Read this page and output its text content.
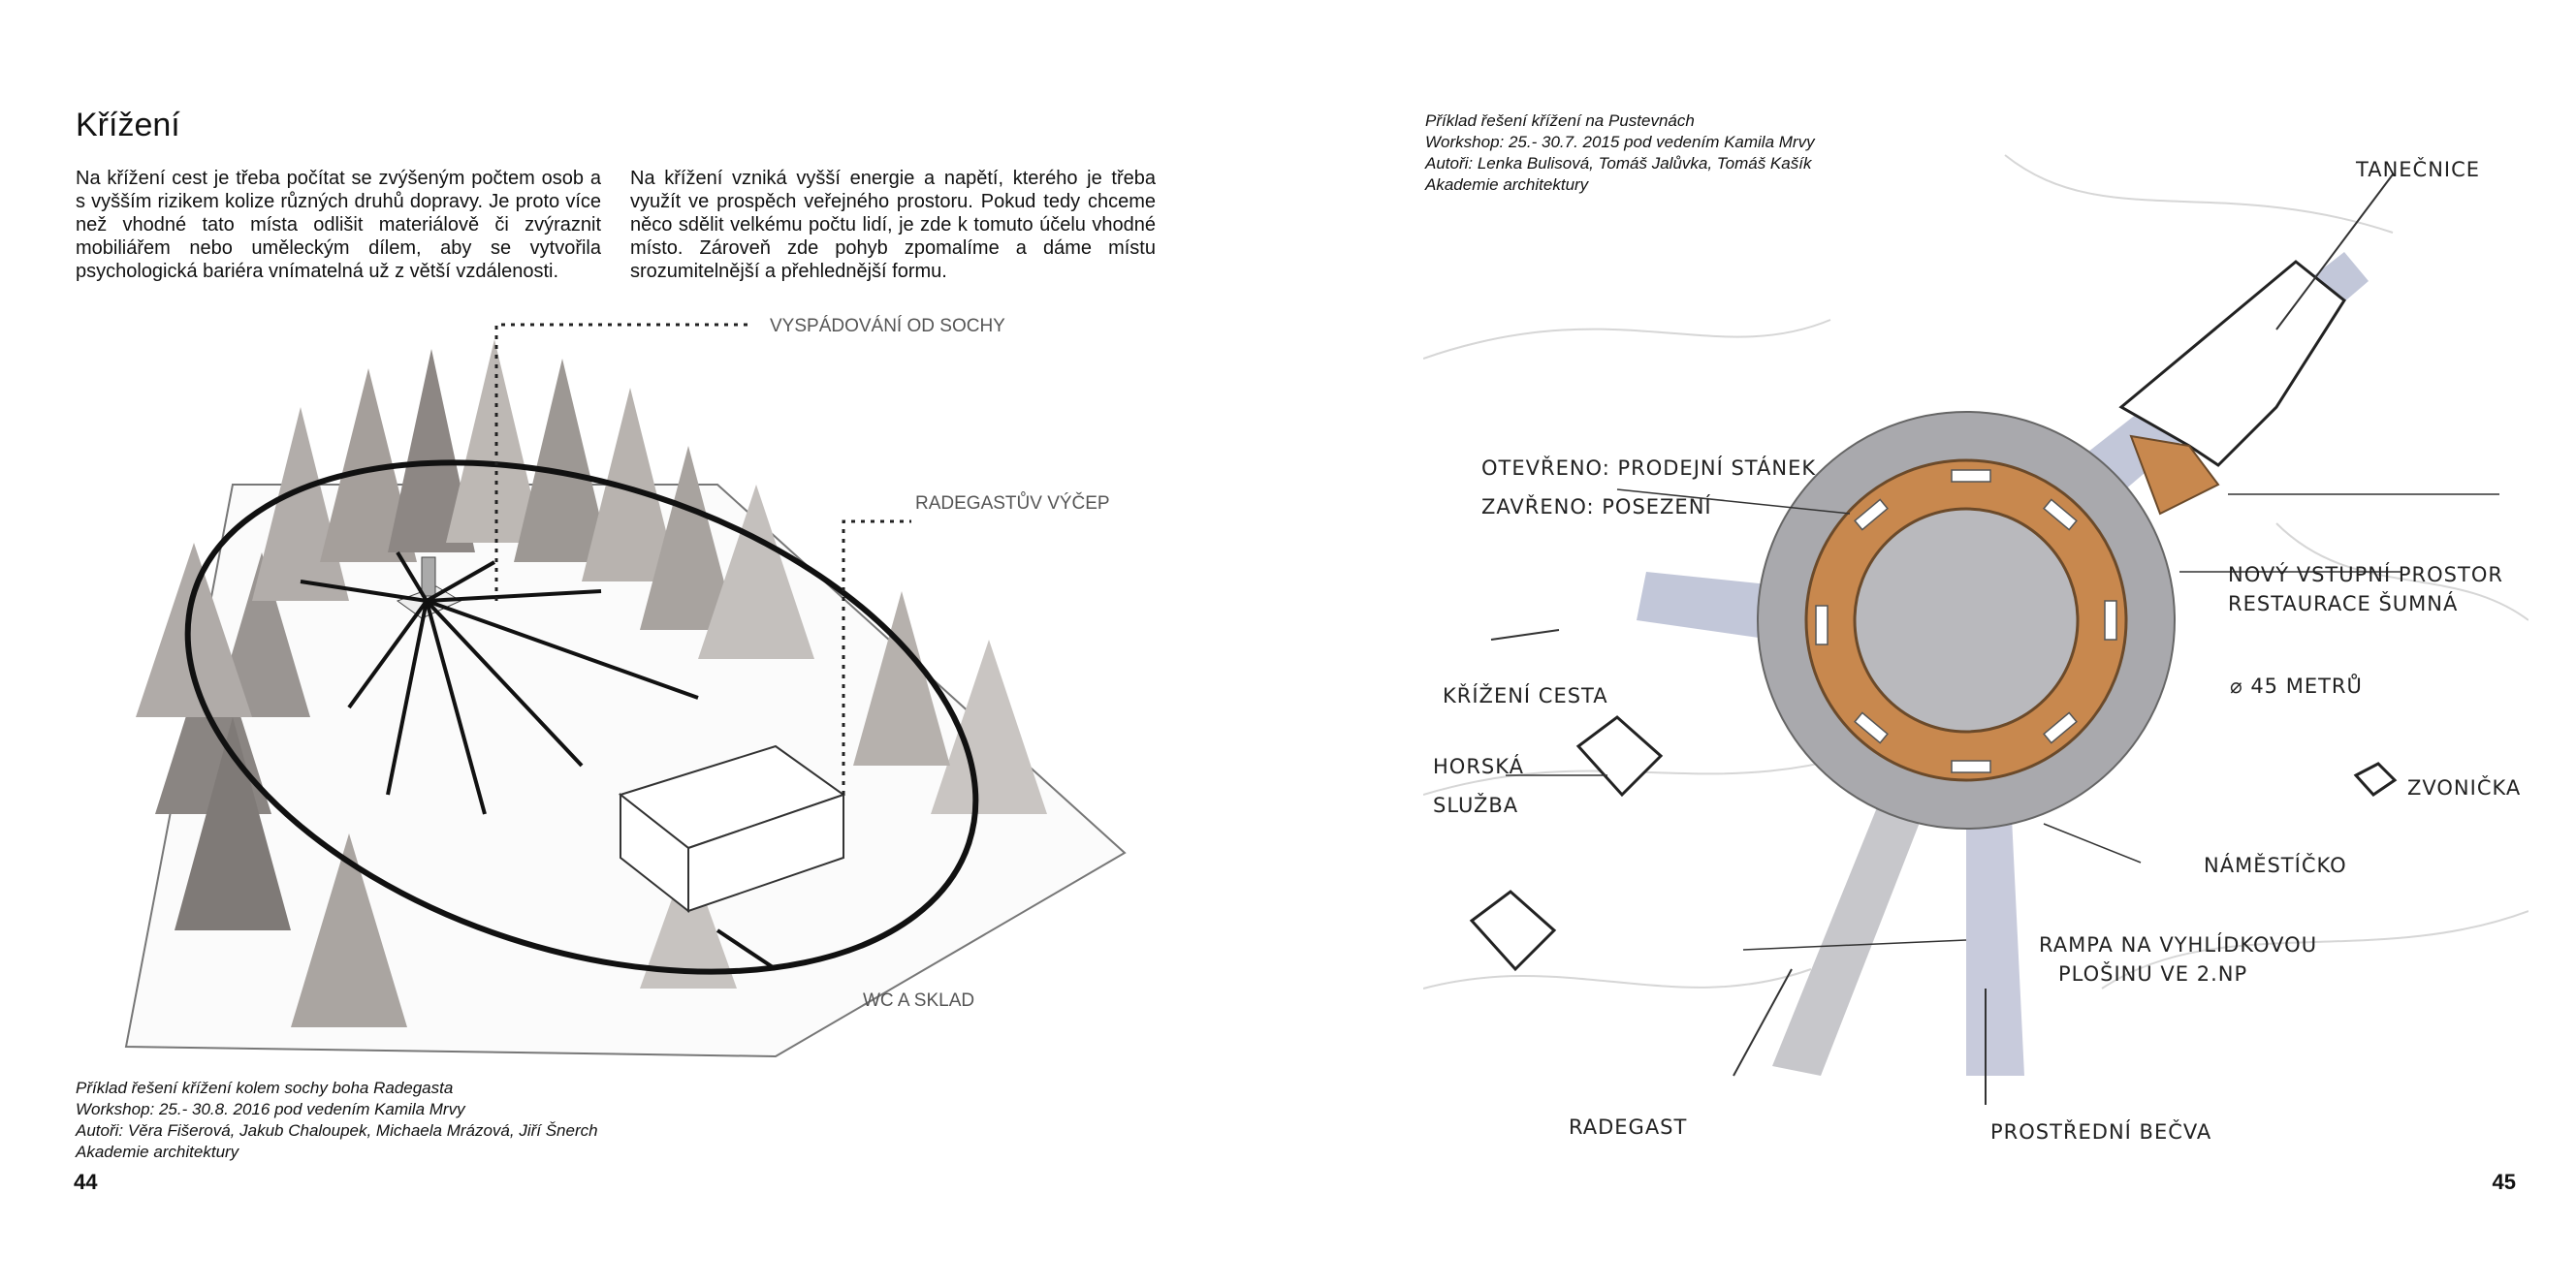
Křížení

Na křížení cest je třeba počítat se zvýšeným počtem osob a s vyšším rizikem kolize různých druhů dopravy. Je proto více než vhodné tato místa odlišit materiálově či zvýraznit mobiliářem nebo uměleckým dílem, aby se vytvořila psychologická bariéra vnímatelná už z větší vzdálenosti.

Na křížení vzniká vyšší energie a napětí, kterého je třeba využít ve prospěch veřejného prostoru. Pokud tedy chceme něco sdělit velkému počtu lidí, je zde k tomuto účelu vhodné místo. Zároveň zde pohyb zpomalíme a dáme místu srozumitelnější a přehlednější formu.

VYSPÁDOVÁNÍ OD SOCHY
RADEGASTŮV VÝČEP
WC A SKLAD
Příklad řešení křížení kolem sochy boha Radegasta
Workshop: 25.- 30.8. 2016 pod vedením Kamila Mrvy
Autoři: Věra Fišerová, Jakub Chaloupek, Michaela Mrázová, Jiří Šnerch
Akademie architektury
44
Příklad řešení křížení na Pustevnách
Workshop: 25.- 30.7. 2015 pod vedením Kamila Mrvy
Autoři: Lenka Bulisová, Tomáš Jalůvka, Tomáš Kašík
Akademie architektury
TANEČNICE
OTEVŘENO: PRODEJNÍ STÁNEK
ZAVŘENO: POSEZENÍ
NOVÝ VSTUPNÍ PROSTOR
RESTAURACE ŠUMNÁ
KŘÍŽENÍ CESTA	⌀ 45 METRŮ
HORSKÁ
SLUŽBA
ZVONIČKA
NÁMĚSTÍČKO
RAMPA NA VYHLÍDKOVOU
PLOŠINU VE 2.NP
RADEGAST	PROSTŘEDNÍ BEČVA
45
